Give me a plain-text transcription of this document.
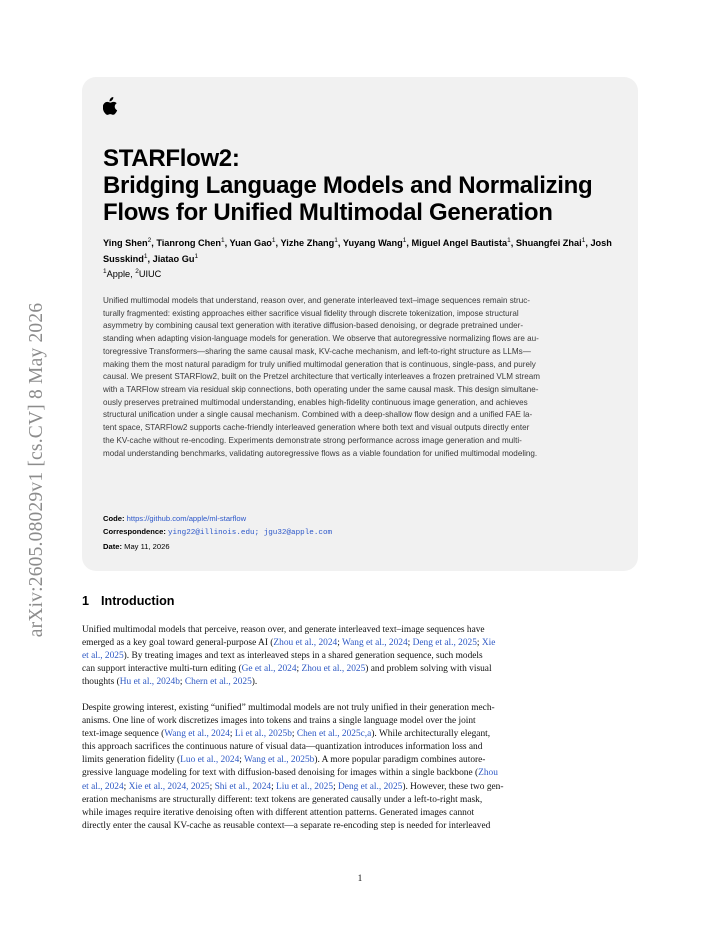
arXiv:2605.08029v1 [cs.CV] 8 May 2026
STARFlow2:
Bridging Language Models and Normalizing
Flows for Unified Multimodal Generation
Ying Shen$^2$, Tianrong Chen$^1$, Yuan Gao$^1$, Yizhe Zhang$^1$, Yuyang Wang$^1$, Miguel Angel Bautista$^1$, Shuangfei Zhai$^1$, Josh Susskind$^1$, Jiatao Gu$^1$
$^1$Apple, $^2$UIUC
Unified multimodal models that understand, reason over, and generate interleaved text–image sequences remain struc-
turally fragmented: existing approaches either sacrifice visual fidelity through discrete tokenization, impose structural
asymmetry by combining causal text generation with iterative diffusion-based denoising, or degrade pretrained under-
standing when adapting vision-language models for generation. We observe that autoregressive normalizing flows are au-
toregressive Transformers—sharing the same causal mask, KV-cache mechanism, and left-to-right structure as LLMs—
making them the most natural paradigm for truly unified multimodal generation that is continuous, single-pass, and purely
causal. We present STARFlow2, built on the Pretzel architecture that vertically interleaves a frozen pretrained VLM stream
with a TARFlow stream via residual skip connections, both operating under the same causal mask. This design simultane-
ously preserves pretrained multimodal understanding, enables high-fidelity continuous image generation, and achieves
structural unification under a single causal mechanism. Combined with a deep-shallow flow design and a unified FAE la-
tent space, STARFlow2 supports cache-friendly interleaved generation where both text and visual outputs directly enter
the KV-cache without re-encoding. Experiments demonstrate strong performance across image generation and multi-
modal understanding benchmarks, validating autoregressive flows as a viable foundation for unified multimodal modeling.
Code: https://github.com/apple/ml-starflow
Correspondence: ying22@illinois.edu; jgu32@apple.com
Date: May 11, 2026
1 Introduction
Unified multimodal models that perceive, reason over, and generate interleaved text–image sequences have
emerged as a key goal toward general-purpose AI (Zhou et al., 2024; Wang et al., 2024; Deng et al., 2025; Xie
et al., 2025). By treating images and text as interleaved steps in a shared generation sequence, such models
can support interactive multi-turn editing (Ge et al., 2024; Zhou et al., 2025) and problem solving with visual
thoughts (Hu et al., 2024b; Chern et al., 2025).
Despite growing interest, existing “unified” multimodal models are not truly unified in their generation mech-
anisms. One line of work discretizes images into tokens and trains a single language model over the joint
text-image sequence (Wang et al., 2024; Li et al., 2025b; Chen et al., 2025c,a). While architecturally elegant,
this approach sacrifices the continuous nature of visual data—quantization introduces information loss and
limits generation fidelity (Luo et al., 2024; Wang et al., 2025b). A more popular paradigm combines autore-
gressive language modeling for text with diffusion-based denoising for images within a single backbone (Zhou
et al., 2024; Xie et al., 2024, 2025; Shi et al., 2024; Liu et al., 2025; Deng et al., 2025). However, these two gen-
eration mechanisms are structurally different: text tokens are generated causally under a left-to-right mask,
while images require iterative denoising often with different attention patterns. Generated images cannot
directly enter the causal KV-cache as reusable context—a separate re-encoding step is needed for interleaved
1
